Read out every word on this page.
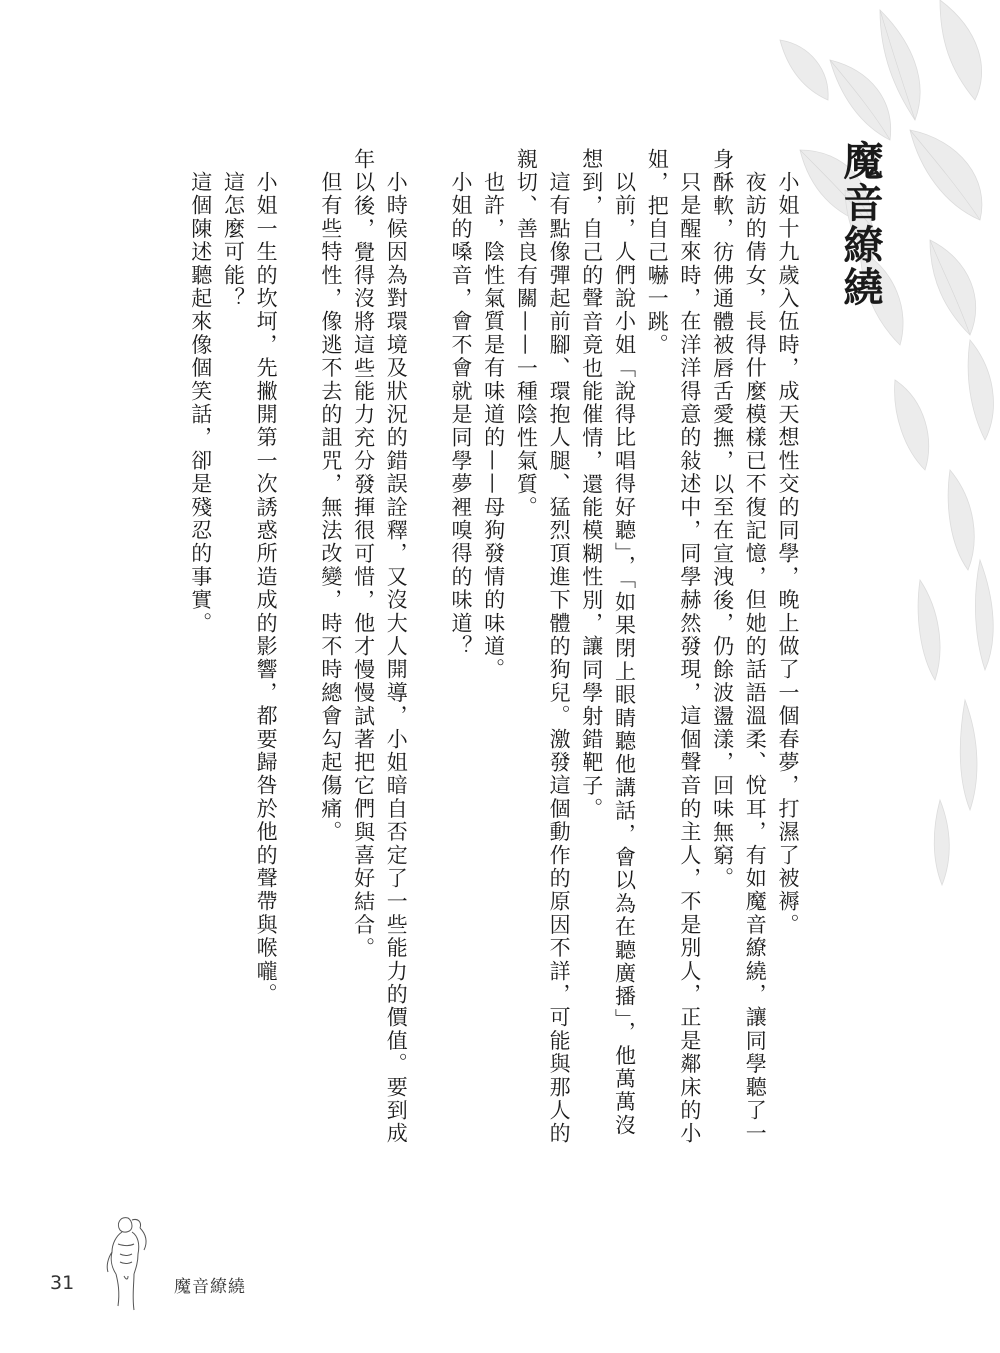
魔音繚繞

小姐十九歲入伍時，成天想性交的同學，晚上做了一個春夢，打濕了被褥。

夜訪的倩女，長得什麼模樣已不復記憶，但她的話語溫柔、悅耳，有如魔音繚繞，讓同學聽了一身酥軟，彷佛通體被唇舌愛撫，以至在宣洩後，仍餘波盪漾，回味無窮。

只是醒來時，在洋洋得意的敍述中，同學赫然發現，這個聲音的主人，不是別人，正是鄰床的小姐，把自己嚇一跳。

以前，人們說小姐「說得比唱得好聽」，「如果閉上眼睛聽他講話，會以為在聽廣播」，他萬萬沒想到，自己的聲音竟也能催情，還能模糊性別，讓同學射錯靶子。

這有點像彈起前腳、環抱人腿、猛烈頂進下體的狗兒。激發這個動作的原因不詳，可能與那人的親切、善良有關——一種陰性氣質。

也許，陰性氣質是有味道的——母狗發情的味道。

小姐的嗓音，會不會就是同學夢裡嗅得的味道？

小時候因為對環境及狀況的錯誤詮釋，又沒大人開導，小姐暗自否定了一些能力的價值。要到成年以後，覺得沒將這些能力充分發揮很可惜，他才慢慢試著把它們與喜好結合。

但有些特性，像逃不去的詛咒，無法改變，時不時總會勾起傷痛。

小姐一生的坎坷，先撇開第一次誘惑所造成的影響，都要歸咎於他的聲帶與喉嚨。

這怎麼可能？

這個陳述聽起來像個笑話，卻是殘忍的事實。

31	魔音繚繞
